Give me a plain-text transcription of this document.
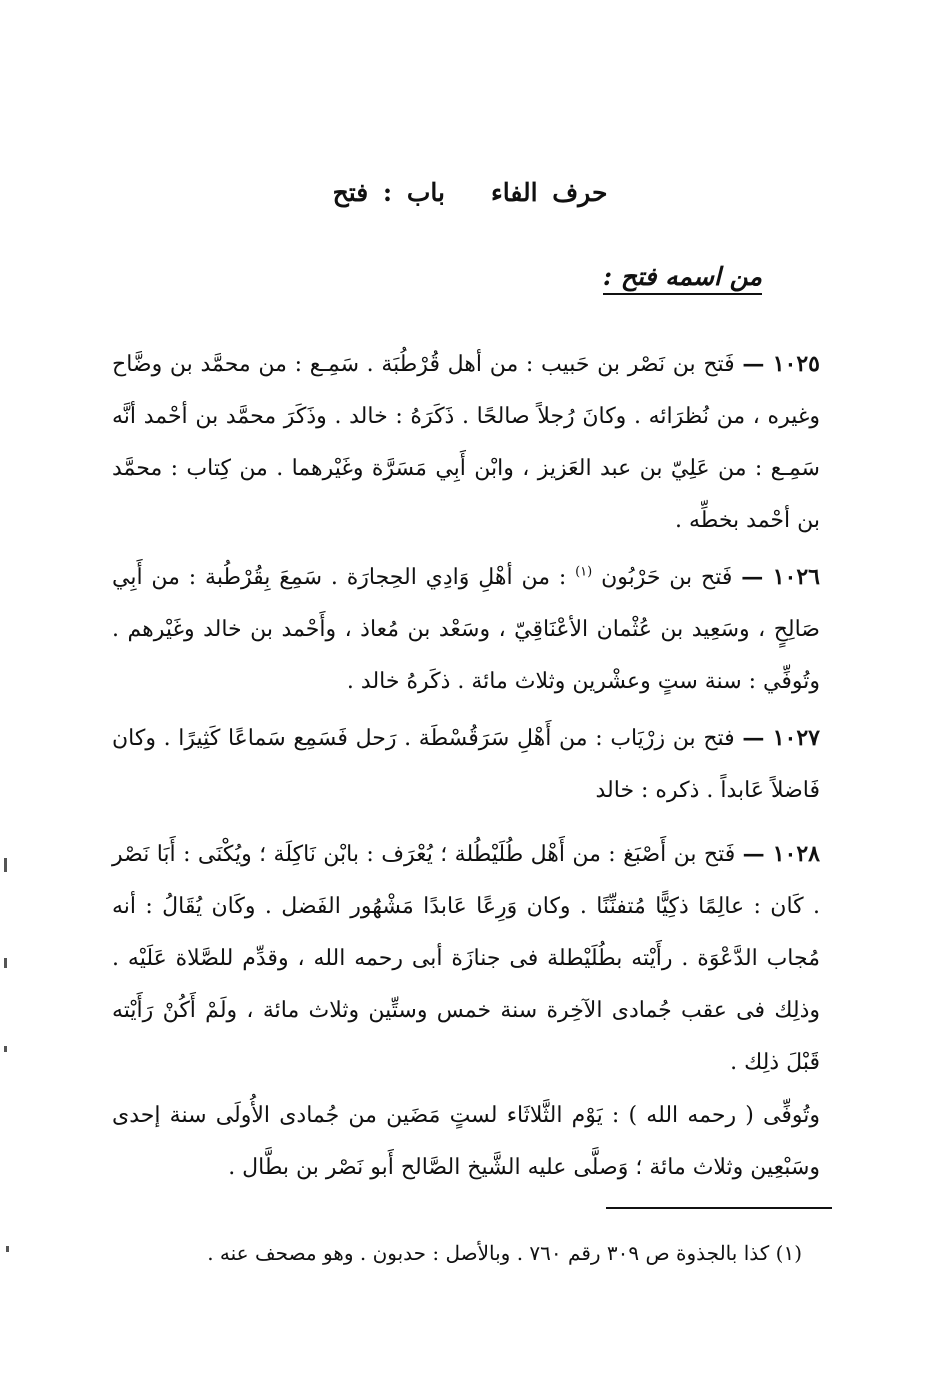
حرف الفاءباب : فتح
من اسمه فتح :
١٠٢٥ — فَتح بن نَصْر بن حَبيب : من أهل قُرْطُبَة . سَمِـع : من محمَّد بن وضَّاح وغيره ، من نُظرَائه . وكانَ رُجلاً صالحًا . ذَكَرَهُ : خالد . وذَكَرَ محمَّد بن أحْمد أنَّه سَمِـع : من عَلِيّ بن عبد العَزيز ، وابْن أَبِي مَسَرَّة وغَيْرهما . من كِتاب : محمَّد بن أحْمد بخطِّه .
١٠٢٦ — فَتح بن حَرْبُون $^{(١)}$ : من أهْلِ وَادِي الحِجارَة . سَمِعَ بِقُرْطُبة : من أَبِي صَالِحٍ ، وسَعِيد بن عُثْمان الأعْنَاقِيّ ، وسَعْد بن مُعاذ ، وأَحْمد بن خالد وغَيْرهم . وتُوفِّي : سنة ستٍ وعشْرين وثلاث مائة . ذكَرهُ خالد .
١٠٢٧ — فتح بن زرْيَاب : من أَهْلِ سَرَقُسْطَة . رَحل فَسَمِع سَماعًا كَثِيرًا . وكان فَاضلاً عَابداً . ذكره : خالد
١٠٢٨ — فَتح بن أَصْبَغ : من أَهْل طُلَيْطُلة ؛ يُعْرَف : بابْن نَاكِلَة ؛ ويُكْنَى : أَبَا نَصْر . كَان : عالِمًا ذكِيًّا مُتفنِّنًا . وكان وَرِعًا عَابدًا مَشْهُور الفَضل . وكَان يُقَالُ : أنه مُجاب الدَّعْوَة . رأَيْته بطُلَيْطلة فى جنازَة أبى رحمه الله ، وقدِّم للصَّلاة عَلَيْه . وذلِك فى عقب جُمادى الآخِرة سنة خمس وستِّين وثلاث مائة ، ولَمْ أَكُنْ رَأَيْته قَبْلَ ذلِك .
وتُوفِّى ( رحمه الله ) : يَوْم الثَّلاثَاء لستٍ مَضَين من جُمادى الأُولَى سنة إحدى وسَبْعِين وثلاث مائة ؛ وَصلَّى عليه الشَّيخ الصَّالح أَبو نَصْر بن بطَّال .
(١) كذا بالجذوة ص ٣٠٩ رقم ٧٦٠ . وبالأصل : حدبون . وهو مصحف عنه .
